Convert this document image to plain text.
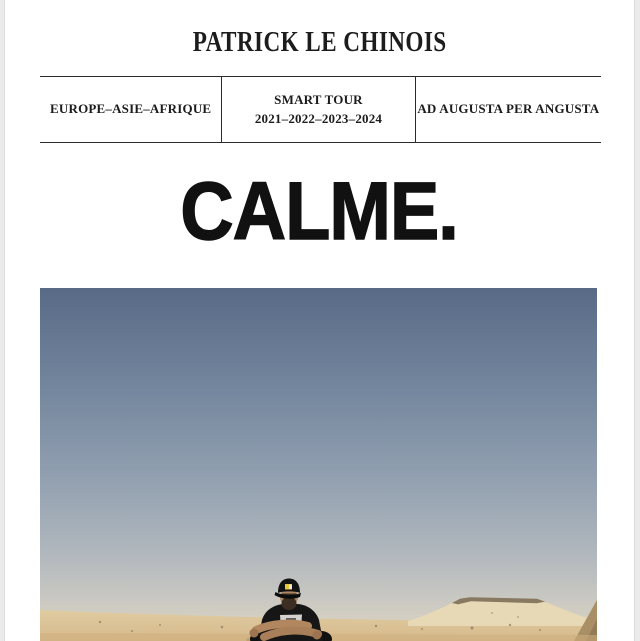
PATRICK LE CHINOIS
EUROPE–ASIE–AFRIQUE
SMART TOUR
2021–2022–2023–2024
AD AUGUSTA PER ANGUSTA
CALME.
